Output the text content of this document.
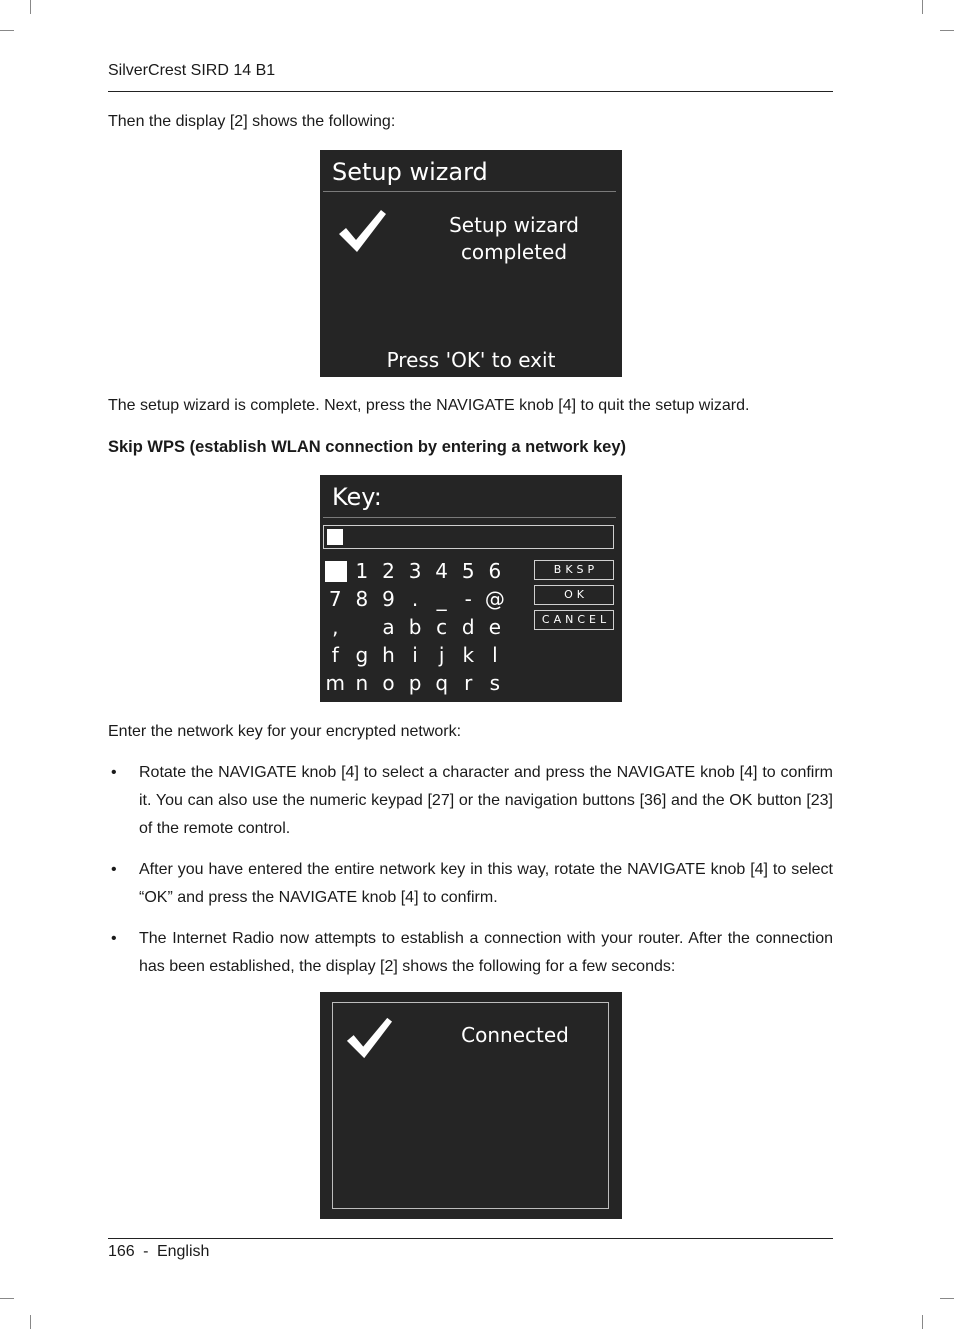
SilverCrest SIRD 14 B1
Then the display [2] shows the following:
Setup wizard
Setup wizard
completed
Press 'OK' to exit
The setup wizard is complete. Next, press the NAVIGATE knob [4] to quit the setup wizard.
Skip WPS (establish WLAN connection by entering a network key)
Key:
1 2 3 4 5 6
7 8 9 . _ - @
,	a b c d e
f g h i	j k l
m n o p q r s
BKSP
OK
CANCEL
Enter the network key for your encrypted network:
• Rotate the NAVIGATE knob [4] to select a character and press the NAVIGATE knob [4] to confirm it. You can also use the numeric keypad [27] or the navigation buttons [36] and the OK button [23] of the remote control.
• After you have entered the entire network key in this way, rotate the NAVIGATE knob [4] to select “OK” and press the NAVIGATE knob [4] to confirm.
• The Internet Radio now attempts to establish a connection with your router. After the connection has been established, the display [2] shows the following for a few seconds:
Connected
166 - English
